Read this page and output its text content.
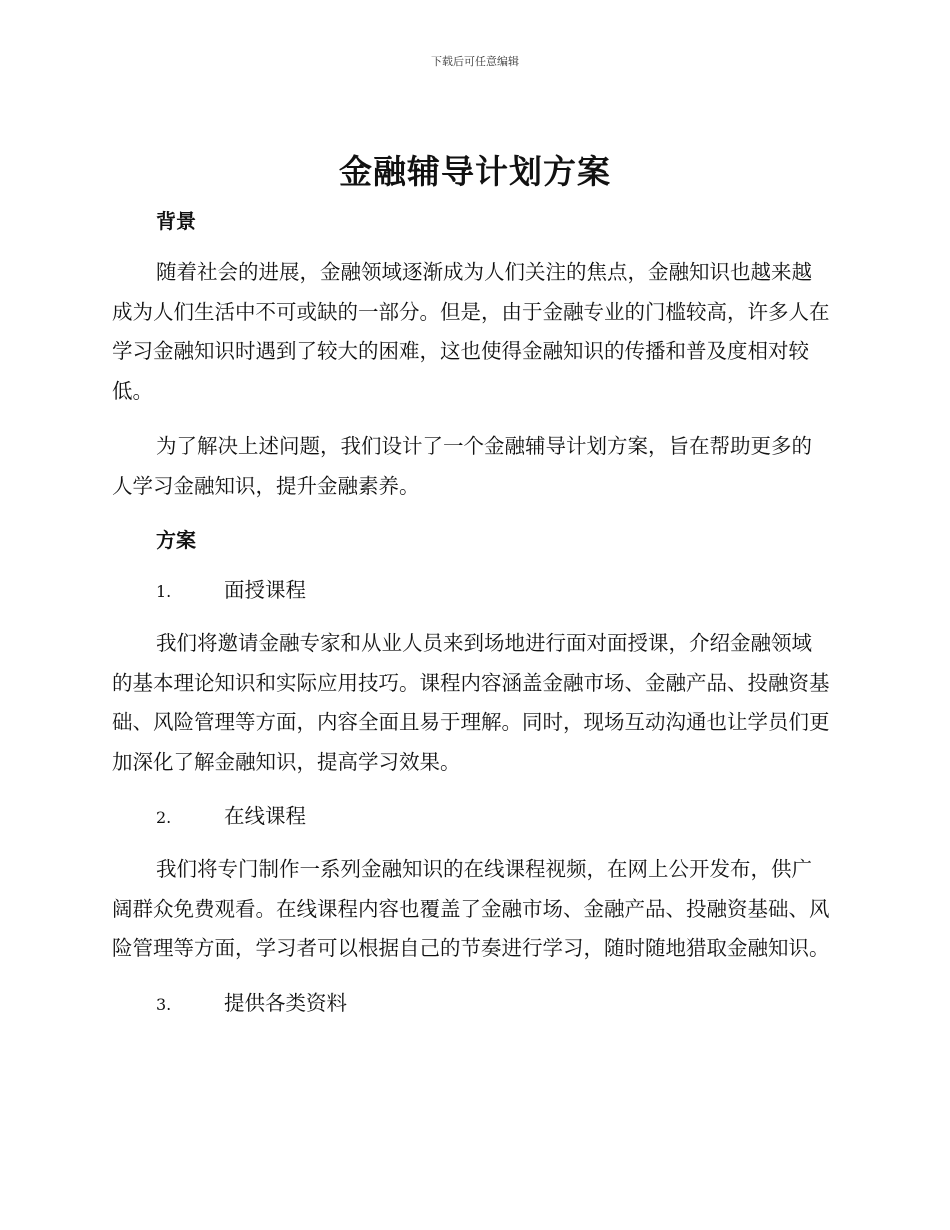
下载后可任意编辑
金融辅导计划方案
背景

随着社会的进展，金融领域逐渐成为人们关注的焦点，金融知识也越来越成为人们生活中不可或缺的一部分。但是，由于金融专业的门槛较高，许多人在学习金融知识时遇到了较大的困难，这也使得金融知识的传播和普及度相对较低。

为了解决上述问题，我们设计了一个金融辅导计划方案，旨在帮助更多的人学习金融知识，提升金融素养。

方案

1.	面授课程

我们将邀请金融专家和从业人员来到场地进行面对面授课，介绍金融领域的基本理论知识和实际应用技巧。课程内容涵盖金融市场、金融产品、投融资基础、风险管理等方面，内容全面且易于理解。同时，现场互动沟通也让学员们更加深化了解金融知识，提高学习效果。

2.	在线课程

我们将专门制作一系列金融知识的在线课程视频，在网上公开发布，供广阔群众免费观看。在线课程内容也覆盖了金融市场、金融产品、投融资基础、风险管理等方面，学习者可以根据自己的节奏进行学习，随时随地猎取金融知识。

3.	提供各类资料
